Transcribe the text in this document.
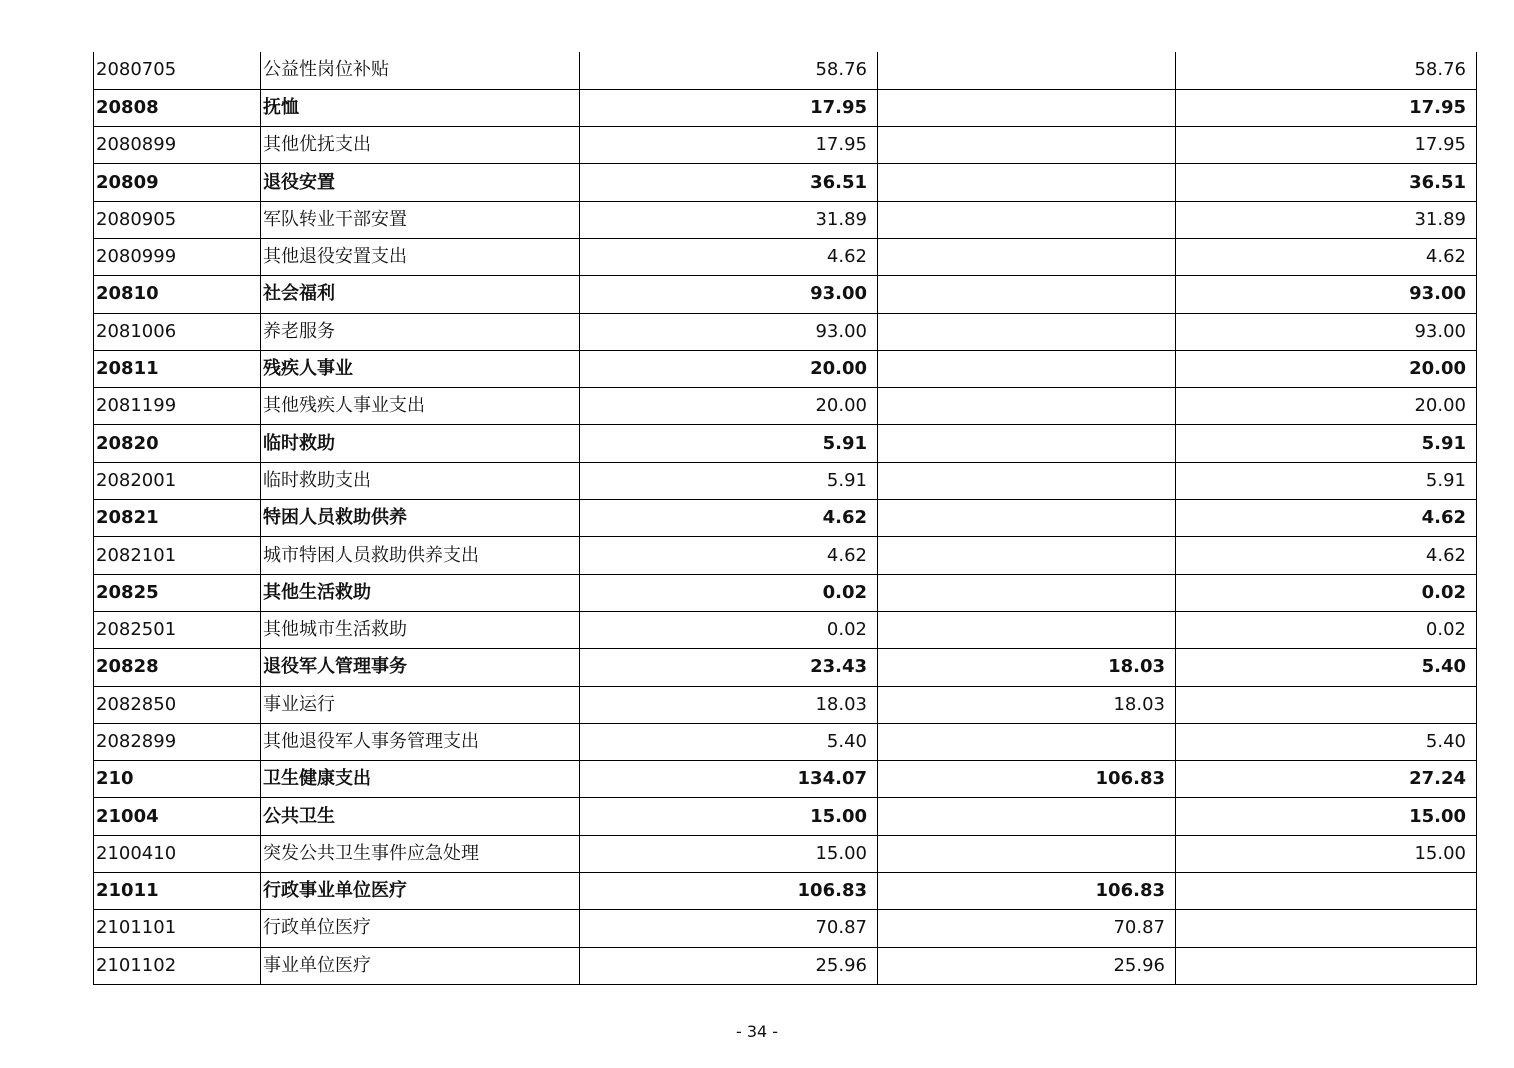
2080705	公益性岗位补贴	58.76		58.76
20808	抚恤	17.95		17.95
2080899	其他优抚支出	17.95		17.95
20809	退役安置	36.51		36.51
2080905	军队转业干部安置	31.89		31.89
2080999	其他退役安置支出	4.62		4.62
20810	社会福利	93.00		93.00
2081006	养老服务	93.00		93.00
20811	残疾人事业	20.00		20.00
2081199	其他残疾人事业支出	20.00		20.00
20820	临时救助	5.91		5.91
2082001	临时救助支出	5.91		5.91
20821	特困人员救助供养	4.62		4.62
2082101	城市特困人员救助供养支出	4.62		4.62
20825	其他生活救助	0.02		0.02
2082501	其他城市生活救助	0.02		0.02
20828	退役军人管理事务	23.43	18.03	5.40
2082850	事业运行	18.03	18.03	
2082899	其他退役军人事务管理支出	5.40		5.40
210	卫生健康支出	134.07	106.83	27.24
21004	公共卫生	15.00		15.00
2100410	突发公共卫生事件应急处理	15.00		15.00
21011	行政事业单位医疗	106.83	106.83	
2101101	行政单位医疗	70.87	70.87	
2101102	事业单位医疗	25.96	25.96	
- 34 -
